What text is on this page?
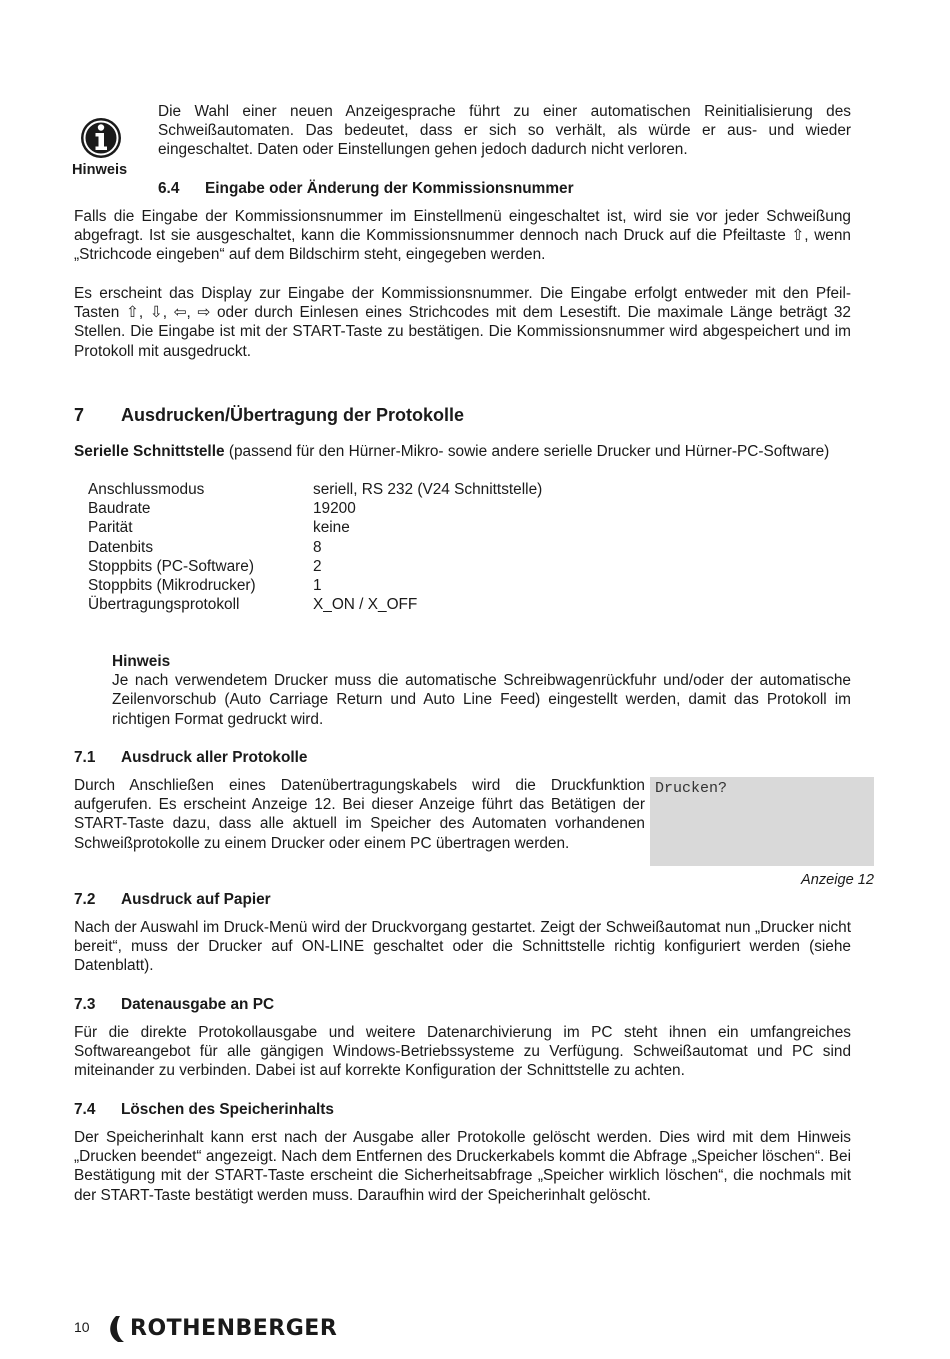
Hinweis

Die Wahl einer neuen Anzeigesprache führt zu einer automatischen Reinitialisierung des Schweißautomaten. Das bedeutet, dass er sich so verhält, als würde er aus- und wieder eingeschaltet. Daten oder Einstellungen gehen jedoch dadurch nicht verloren.

6.4 Eingabe oder Änderung der Kommissionsnummer

Falls die Eingabe der Kommissionsnummer im Einstellmenü eingeschaltet ist, wird sie vor jeder Schweißung abgefragt. Ist sie ausgeschaltet, kann die Kommissionsnummer dennoch nach Druck auf die Pfeiltaste ⇧, wenn „Strichcode eingeben“ auf dem Bildschirm steht, eingegeben werden.

Es erscheint das Display zur Eingabe der Kommissionsnummer. Die Eingabe erfolgt entweder mit den Pfeil-Tasten ⇧, ⇩, ⇦, ⇨ oder durch Einlesen eines Strichcodes mit dem Lesestift. Die maximale Länge beträgt 32 Stellen. Die Eingabe ist mit der START-Taste zu bestätigen. Die Kommissionsnummer wird abgespeichert und im Protokoll mit ausgedruckt.

7 Ausdrucken/Übertragung der Protokolle

Serielle Schnittstelle (passend für den Hürner-Mikro- sowie andere serielle Drucker und Hürner-PC-Software)

Anschlussmodus	seriell, RS 232 (V24 Schnittstelle)
Baudrate	19200
Parität	keine
Datenbits	8
Stoppbits (PC-Software)	2
Stoppbits (Mikrodrucker)	1
Übertragungsprotokoll	X_ON / X_OFF
Hinweis

Je nach verwendetem Drucker muss die automatische Schreibwagenrückfuhr und/oder der automatische Zeilenvorschub (Auto Carriage Return und Auto Line Feed) eingestellt werden, damit das Protokoll im richtigen Format gedruckt wird.

7.1 Ausdruck aller Protokolle

Durch Anschließen eines Datenübertragungskabels wird die Druckfunktion aufgerufen. Es erscheint Anzeige 12. Bei dieser Anzeige führt das Betätigen der START-Taste dazu, dass alle aktuell im Speicher des Automaten vorhandenen Schweißprotokolle zu einem Drucker oder einem PC übertragen werden.

Drucken?
Anzeige 12
7.2 Ausdruck auf Papier

Nach der Auswahl im Druck-Menü wird der Druckvorgang gestartet. Zeigt der Schweißautomat nun „Drucker nicht bereit“, muss der Drucker auf ON-LINE geschaltet oder die Schnittstelle richtig konfiguriert werden (siehe Datenblatt).

7.3 Datenausgabe an PC

Für die direkte Protokollausgabe und weitere Datenarchivierung im PC steht ihnen ein umfangreiches Softwareangebot für alle gängigen Windows-Betriebssysteme zu Verfügung. Schweißautomat und PC sind miteinander zu verbinden. Dabei ist auf korrekte Konfiguration der Schnittstelle zu achten.

7.4 Löschen des Speicherinhalts

Der Speicherinhalt kann erst nach der Ausgabe aller Protokolle gelöscht werden. Dies wird mit dem Hinweis „Drucken beendet“ angezeigt. Nach dem Entfernen des Druckerkabels kommt die Abfrage „Speicher löschen“. Bei Bestätigung mit der START-Taste erscheint die Sicherheitsabfrage „Speicher wirklich löschen“, die nochmals mit der START-Taste bestätigt werden muss. Daraufhin wird der Speicherinhalt gelöscht.

10 ROTHENBERGER
